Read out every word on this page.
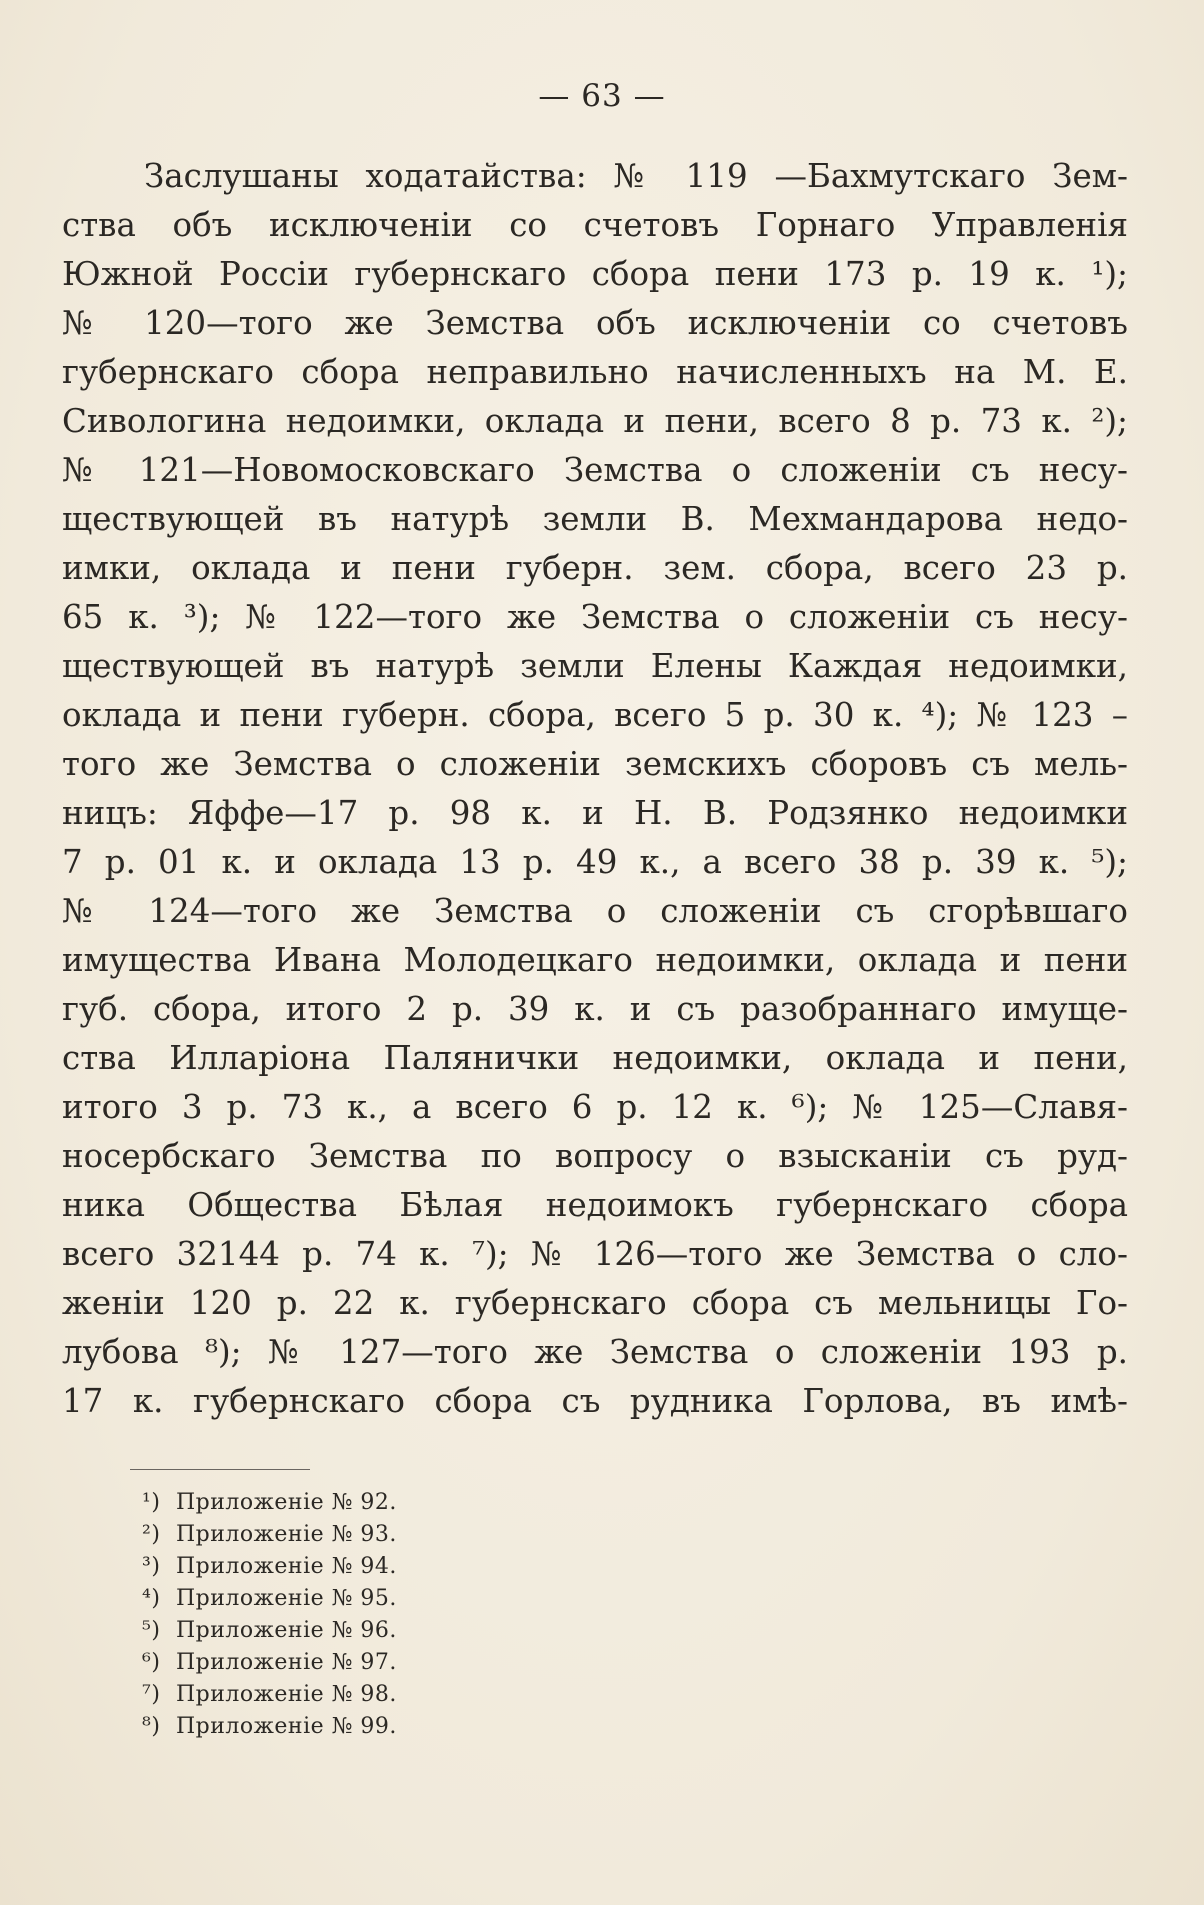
— 63 —
Заслушаны ходатайства: № 119 —Бахмутскаго Зем-
ства объ исключеніи со счетовъ Горнаго Управленія
Южной Россіи губернскаго сбора пени 173 р. 19 к. ¹);
№ 120—того же Земства объ исключеніи со счетовъ
губернскаго сбора неправильно начисленныхъ на М. Е.
Сивологина недоимки, оклада и пени, всего 8 р. 73 к. ²);
№ 121—Новомосковскаго Земства о сложеніи съ несу-
ществующей въ натурѣ земли В. Мехмандарова недо-
имки, оклада и пени губерн. зем. сбора, всего 23 р.
65 к. ³); № 122—того же Земства о сложеніи съ несу-
ществующей въ натурѣ земли Елены Каждая недоимки,
оклада и пени губерн. сбора, всего 5 р. 30 к. ⁴); № 123 –
того же Земства о сложеніи земскихъ сборовъ съ мель-
ницъ: Яффе—17 р. 98 к. и Н. В. Родзянко недоимки
7 р. 01 к. и оклада 13 р. 49 к., а всего 38 р. 39 к. ⁵);
№ 124—того же Земства о сложеніи съ сгорѣвшаго
имущества Ивана Молодецкаго недоимки, оклада и пени
губ. сбора, итого 2 р. 39 к. и съ разобраннаго имуще-
ства Илларіона Палянички недоимки, оклада и пени,
итого 3 р. 73 к., а всего 6 р. 12 к. ⁶); № 125—Славя-
носербскаго Земства по вопросу о взысканіи съ руд-
ника Общества Бѣлая недоимокъ губернскаго сбора
всего 32144 р. 74 к. ⁷); № 126—того же Земства о сло-
женіи 120 р. 22 к. губернскаго сбора съ мельницы Го-
лубова ⁸); № 127—того же Земства о сложеніи 193 р.
17 к. губернскаго сбора съ рудника Горлова, въ имѣ-
¹) Приложеніе № 92.
²) Приложеніе № 93.
³) Приложеніе № 94.
⁴) Приложеніе № 95.
⁵) Приложеніе № 96.
⁶) Приложеніе № 97.
⁷) Приложеніе № 98.
⁸) Приложеніе № 99.
